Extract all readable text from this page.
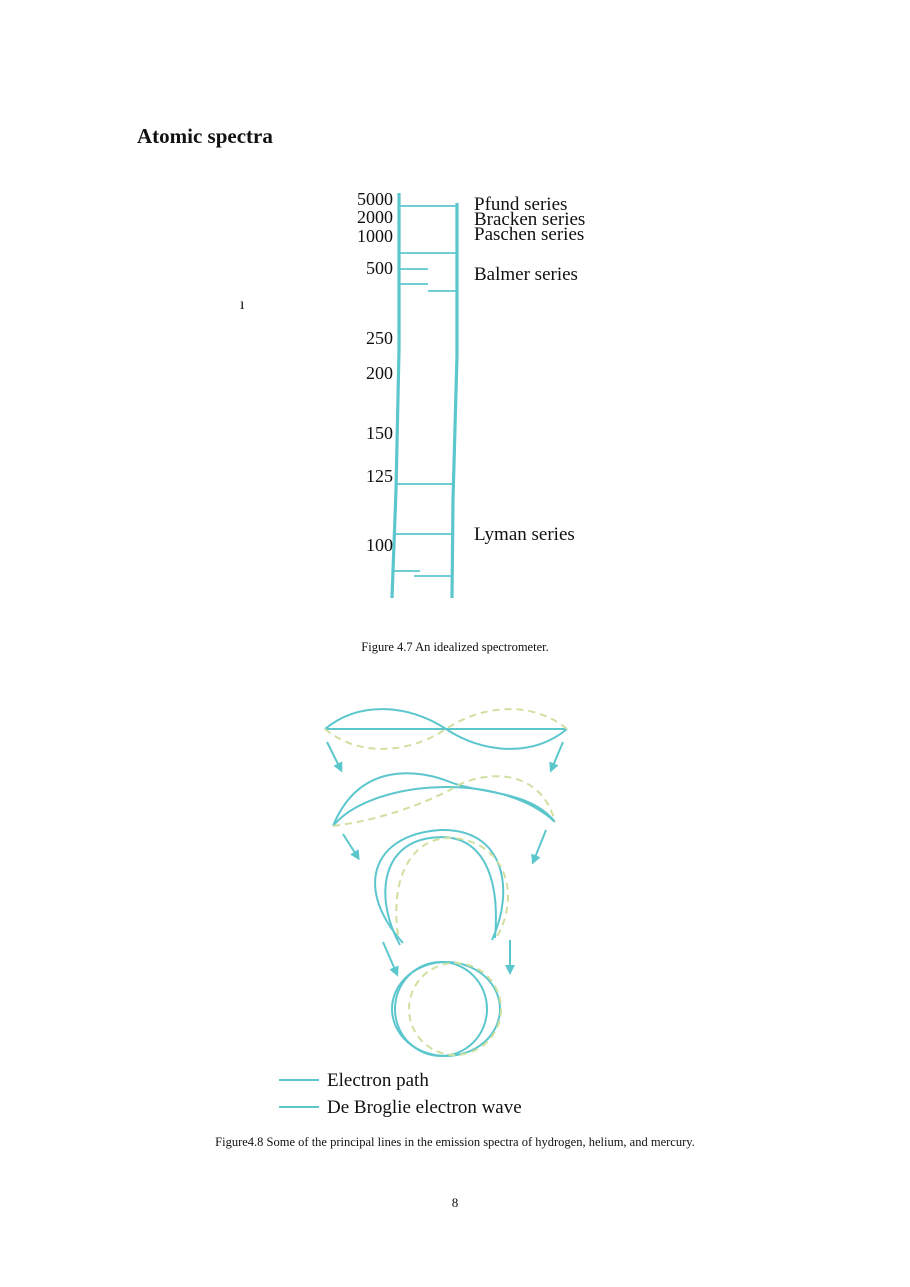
Atomic spectra
ı
5000
2000
1000
500
250
200
150
125
100
Pfund series
Bracken series
Paschen series
Balmer series
Lyman series
Electron path
De Broglie electron wave
Figure 4.7 An idealized spectrometer.
Figure4.8 Some of the principal lines in the emission spectra of hydrogen, helium, and mercury.
8
